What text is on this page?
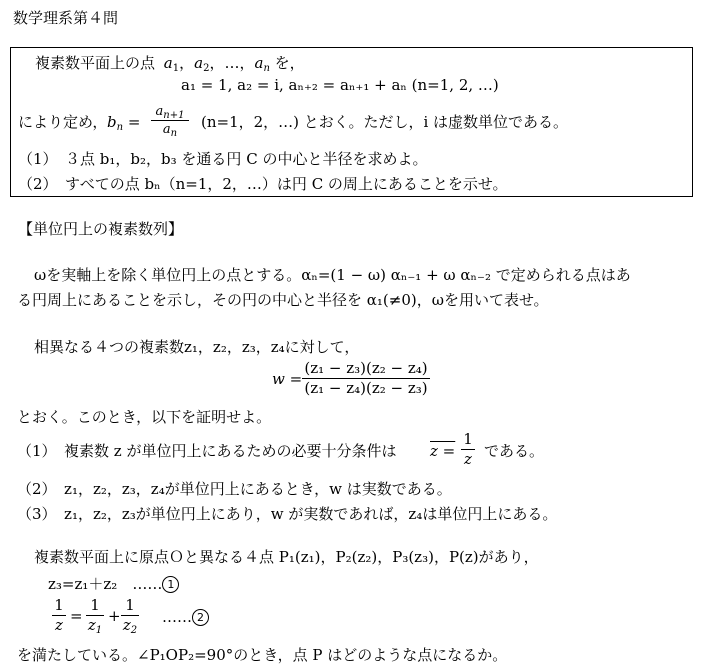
数学理系第４問
複素数平面上の点 $a_1$，$a_2$，…，$a_n$ を，
a₁ = 1, a₂ = i, aₙ₊₂ = aₙ₊₁ + aₙ (n=1, 2, …)
により定め， $b_n$ =
$a_{n+1}$
$a_n$
(n=1，2，…) とおく。ただし，i は虚数単位である。
（1）　３点 b₁，b₂，b₃ を通る円 C の中心と半径を求めよ。
（2）　すべての点 bₙ（n=1，2，…）は円 C の周上にあることを示せ。
【単位円上の複素数列】
ωを実軸上を除く単位円上の点とする。αₙ=(1 − ω) αₙ₋₁ + ω αₙ₋₂ で定められる点はあ
る円周上にあることを示し，その円の中心と半径を α₁(≠0)，ωを用いて表せ。
相異なる４つの複素数z₁，z₂，z₃，z₄に対して，
w =
(z₁ − z₃)(z₂ − z₄)
(z₁ − z₄)(z₂ − z₃)
とおく。このとき，以下を証明せよ。
（1）　複素数 z が単位円上にあるための必要十分条件は z =
1
z である。
（2）　z₁，z₂，z₃，z₄が単位円上にあるとき，w は実数である。
（3）　z₁，z₂，z₃が単位円上にあり，w が実数であれば，z₄は単位円上にある。
複素数平面上に原点Ｏと異なる４点 P₁(z₁)，P₂(z₂)，P₃(z₃)，P(z)があり，
z₃=z₁＋z₂　…… 1
1
z =
1
$z_1$
+
1
$z_2$
…… 2
を満たしている。∠P₁OP₂=90°のとき，点 P はどのような点になるか。
